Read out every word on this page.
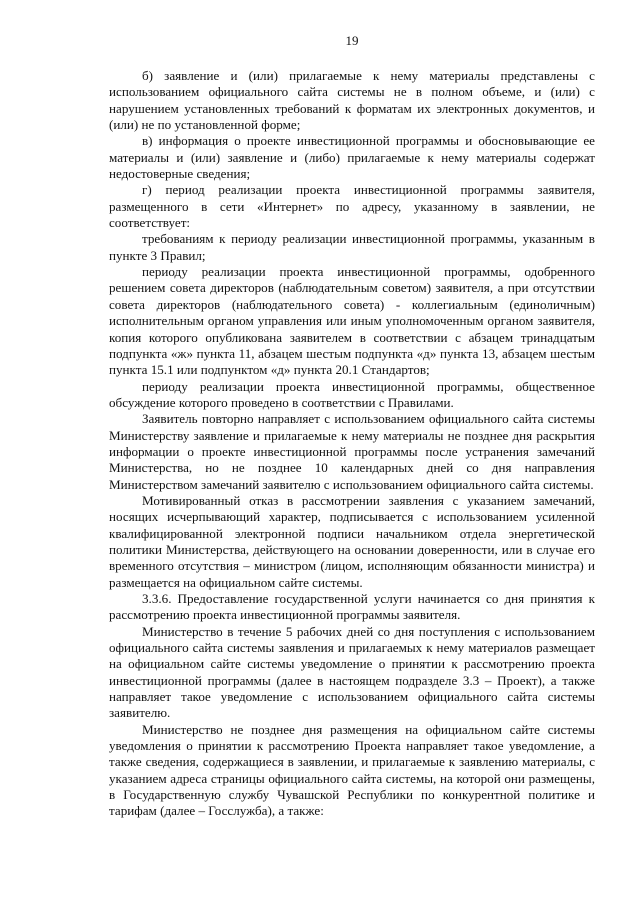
19

б) заявление и (или) прилагаемые к нему материалы представлены с использованием официального сайта системы не в полном объеме, и (или) с нарушением установленных требований к форматам их электронных документов, и (или) не по установленной форме;

в) информация о проекте инвестиционной программы и обосновывающие ее материалы и (или) заявление и (либо) прилагаемые к нему материалы содержат недостоверные сведения;

г) период реализации проекта инвестиционной программы заявителя, размещенного в сети «Интернет» по адресу, указанному в заявлении, не соответствует:

требованиям к периоду реализации инвестиционной программы, указанным в пункте 3 Правил;

периоду реализации проекта инвестиционной программы, одобренного решением совета директоров (наблюдательным советом) заявителя, а при отсутствии совета директоров (наблюдательного совета) - коллегиальным (единоличным) исполнительным органом управления или иным уполномоченным органом заявителя, копия которого опубликована заявителем в соответствии с абзацем тринадцатым подпункта «ж» пункта 11, абзацем шестым подпункта «д» пункта 13, абзацем шестым пункта 15.1 или подпунктом «д» пункта 20.1 Стандартов;

периоду реализации проекта инвестиционной программы, общественное обсуждение которого проведено в соответствии с Правилами.

Заявитель повторно направляет с использованием официального сайта системы Министерству заявление и прилагаемые к нему материалы не позднее дня раскрытия информации о проекте инвестиционной программы после устранения замечаний Министерства, но не позднее 10 календарных дней со дня направления Министерством замечаний заявителю с использованием официального сайта системы.

Мотивированный отказ в рассмотрении заявления с указанием замечаний, носящих исчерпывающий характер, подписывается с использованием усиленной квалифицированной электронной подписи начальником отдела энергетической политики Министерства, действующего на основании доверенности, или в случае его временного отсутствия – министром (лицом, исполняющим обязанности министра) и размещается на официальном сайте системы.

3.3.6. Предоставление государственной услуги начинается со дня принятия к рассмотрению проекта инвестиционной программы заявителя.

Министерство в течение 5 рабочих дней со дня поступления с использованием официального сайта системы заявления и прилагаемых к нему материалов размещает на официальном сайте системы уведомление о принятии к рассмотрению проекта инвестиционной программы (далее в настоящем подразделе 3.3 – Проект), а также направляет такое уведомление с использованием официального сайта системы заявителю.

Министерство не позднее дня размещения на официальном сайте системы уведомления о принятии к рассмотрению Проекта направляет такое уведомление, а также сведения, содержащиеся в заявлении, и прилагаемые к заявлению материалы, с указанием адреса страницы официального сайта системы, на которой они размещены, в Государственную службу Чувашской Республики по конкурентной политике и тарифам (далее – Госслужба), а также:
